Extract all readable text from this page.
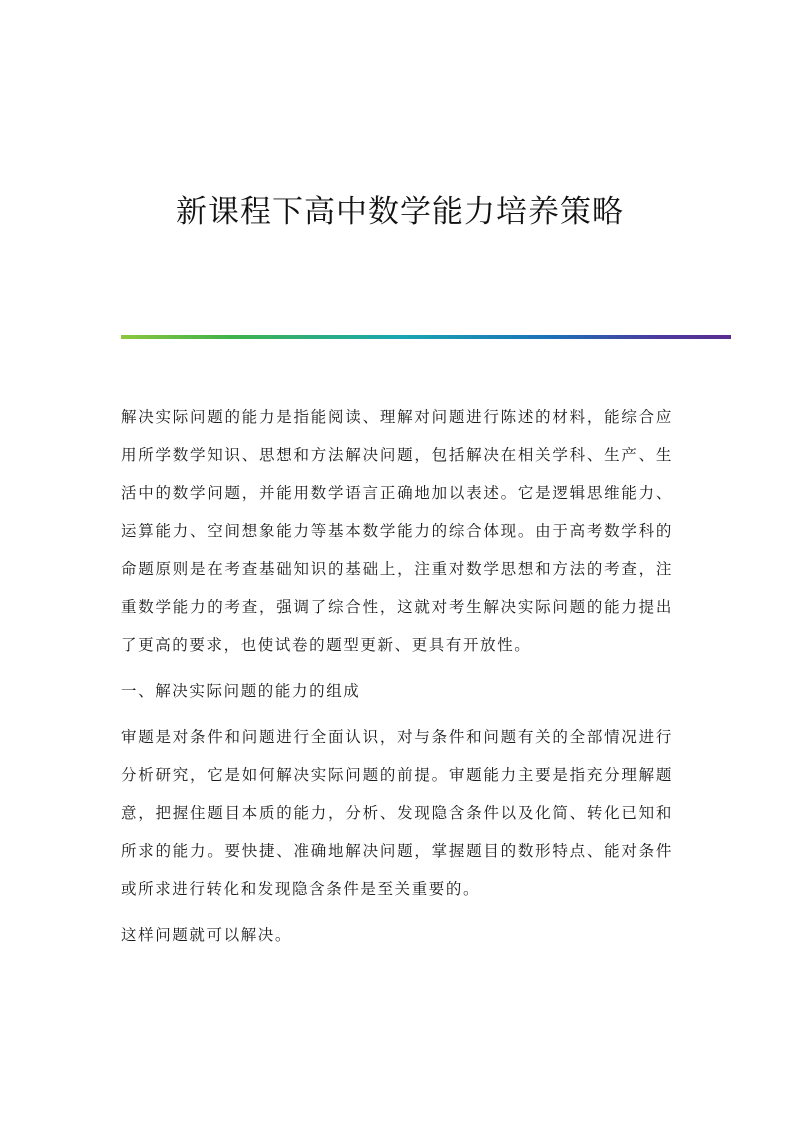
新课程下高中数学能力培养策略

解决实际问题的能力是指能阅读、理解对问题进行陈述的材料，能综合应用所学数学知识、思想和方法解决问题，包括解决在相关学科、生产、生活中的数学问题，并能用数学语言正确地加以表述。它是逻辑思维能力、运算能力、空间想象能力等基本数学能力的综合体现。由于高考数学科的命题原则是在考查基础知识的基础上，注重对数学思想和方法的考查，注重数学能力的考查，强调了综合性，这就对考生解决实际问题的能力提出了更高的要求，也使试卷的题型更新、更具有开放性。

一、解决实际问题的能力的组成

审题是对条件和问题进行全面认识，对与条件和问题有关的全部情况进行分析研究，它是如何解决实际问题的前提。审题能力主要是指充分理解题意，把握住题目本质的能力，分析、发现隐含条件以及化简、转化已知和所求的能力。要快捷、准确地解决问题，掌握题目的数形特点、能对条件或所求进行转化和发现隐含条件是至关重要的。

这样问题就可以解决。
